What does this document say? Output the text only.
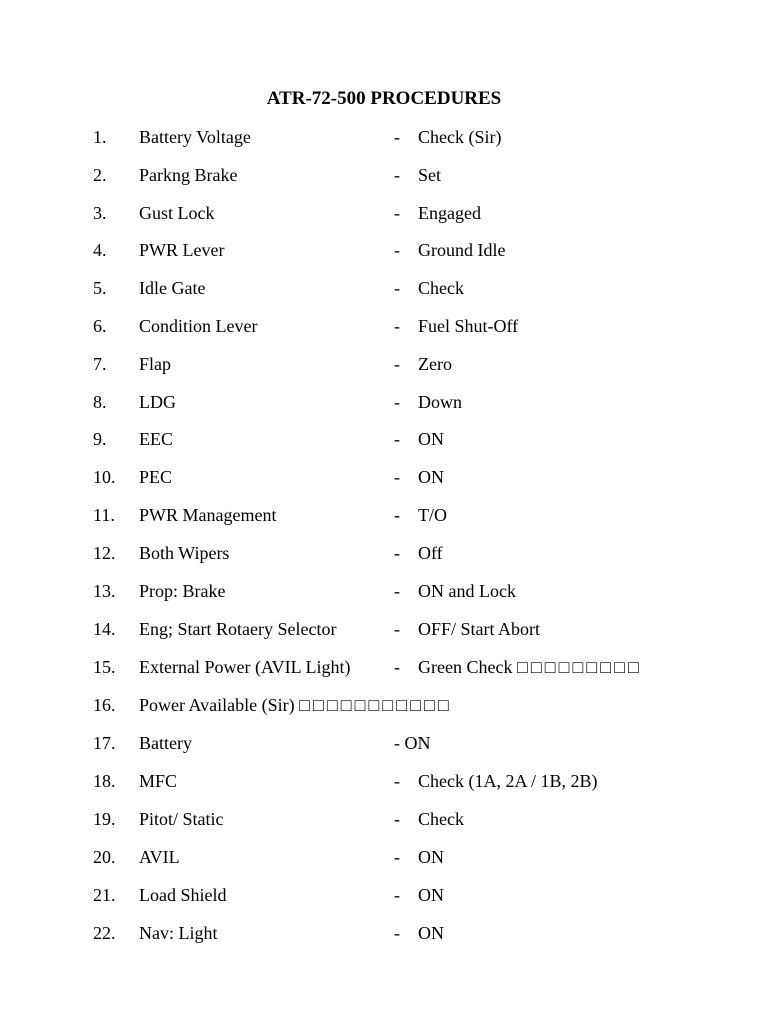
ATR-72-500 PROCEDURES
1. Battery Voltage	- Check (Sir)
2. Parkng Brake	- Set
3. Gust Lock	- Engaged
4. PWR Lever	- Ground Idle
5. Idle Gate	- Check
6. Condition Lever	- Fuel Shut-Off
7. Flap	- Zero
8. LDG	- Down
9. EEC	- ON
10. PEC	- ON
11. PWR Management	- T/O
12. Both Wipers	- Off
13. Prop: Brake	- ON and Lock
14. Eng; Start Rotaery Selector	- OFF/ Start Abort
15. External Power (AVIL Light) - Green Check □□□□□□□□□
16. Power Available (Sir) □□□□□□□□□□□
17. Battery	- ON
18. MFC	- Check (1A, 2A / 1B, 2B)
19. Pitot/ Static	- Check
20. AVIL	- ON
21. Load Shield	- ON
22. Nav: Light	- ON
